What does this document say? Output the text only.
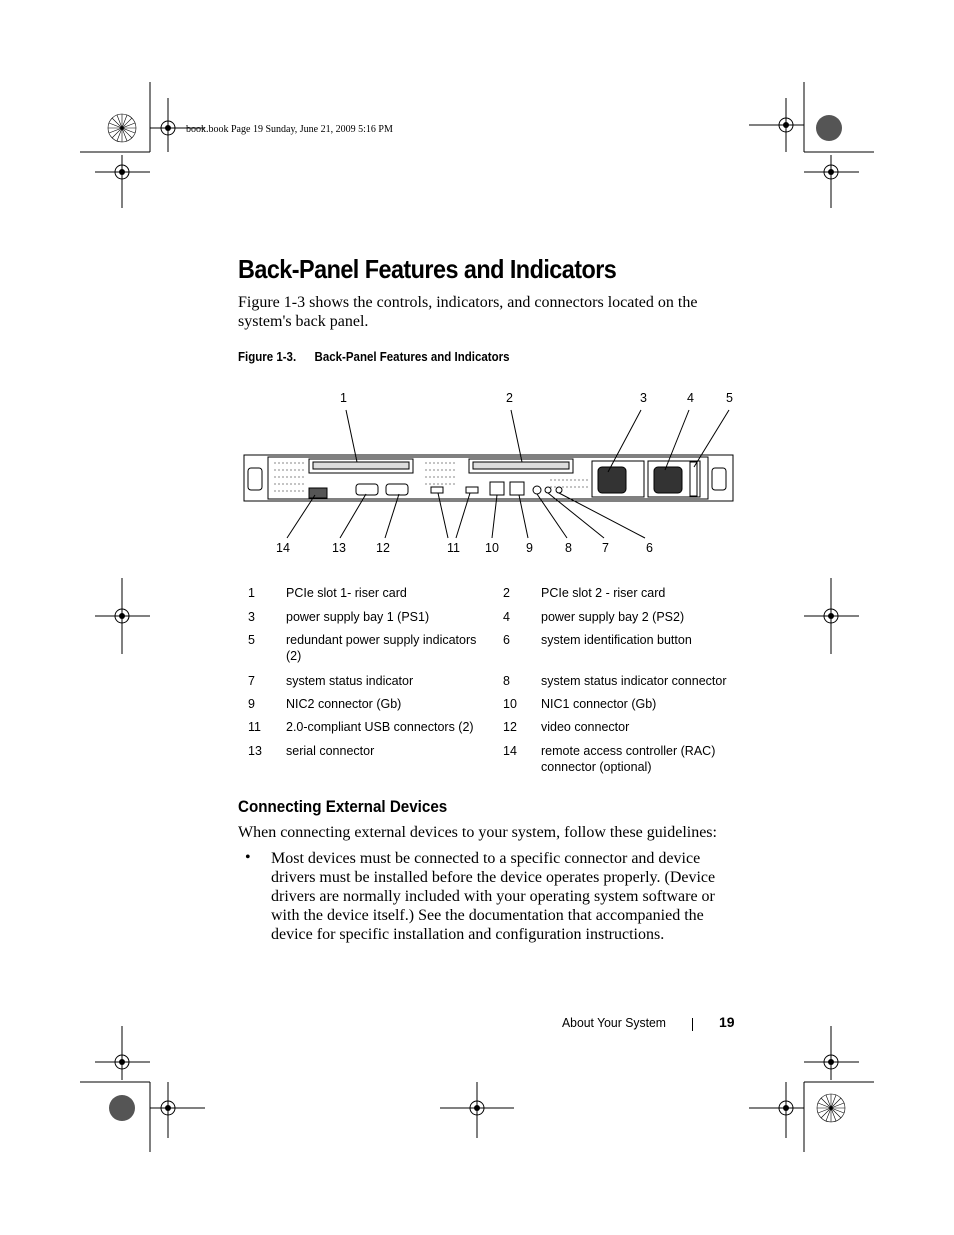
book.book Page 19 Sunday, June 21, 2009 5:16 PM
Back-Panel Features and Indicators
Figure 1-3 shows the controls, indicators, and connectors located on the system's back panel.
Figure 1-3. Back-Panel Features and Indicators
1	2	3	4	5
14	13 12	11 10 9	8 7	6
1	PCIe slot 1- riser card	2	PCIe slot 2 - riser card
3	power supply bay 1 (PS1)	4	power supply bay 2 (PS2)
5	redundant power supply indicators (2)	6	system identification button
7	system status indicator	8	system status indicator connector
9	NIC2 connector (Gb)	10	NIC1 connector (Gb)
11	2.0-compliant USB connectors (2)	12	video connector
13	serial connector	14	remote access controller (RAC) connector (optional)
Connecting External Devices
When connecting external devices to your system, follow these guidelines:
• Most devices must be connected to a specific connector and device drivers must be installed before the device operates properly. (Device drivers are normally included with your operating system software or with the device itself.) See the documentation that accompanied the device for specific installation and configuration instructions.
About Your System	19
